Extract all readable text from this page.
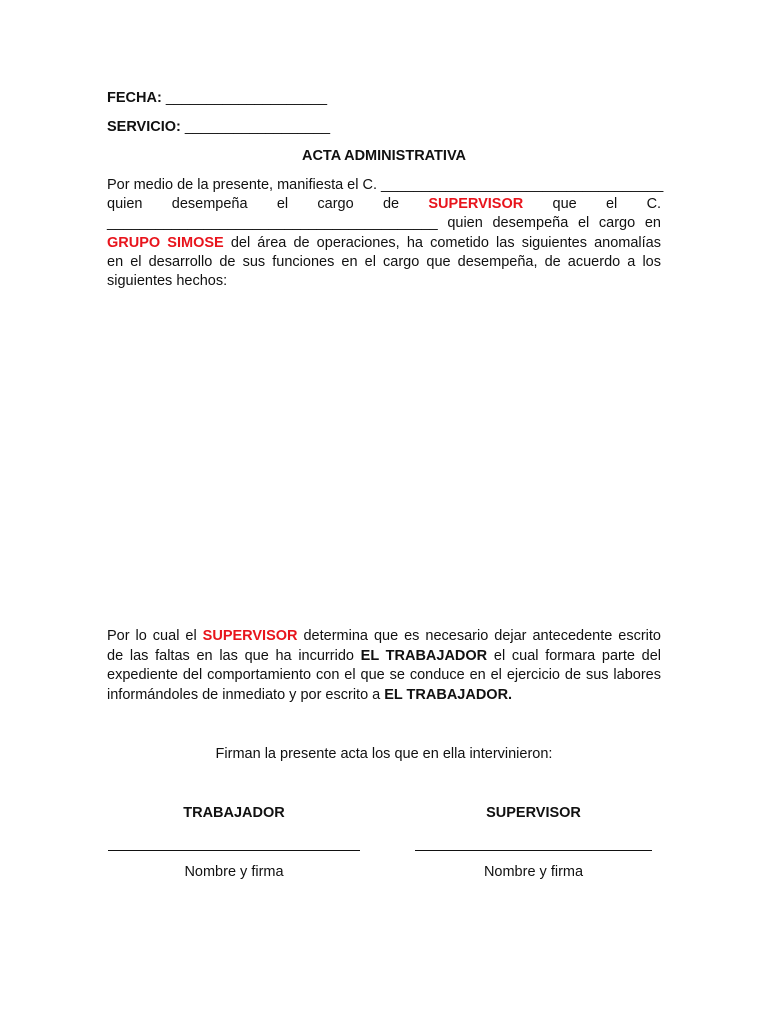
FECHA: ____________________
SERVICIO: __________________
ACTA ADMINISTRATIVA
Por medio de la presente, manifiesta el C. ___________________________________
quien desempeña el cargo de SUPERVISOR que el C.
_________________________________________ quien desempeña el cargo en
GRUPO SIMOSE del área de operaciones, ha cometido las siguientes anomalías
en el desarrollo de sus funciones en el cargo que desempeña, de acuerdo a los
siguientes hechos:
Por lo cual el SUPERVISOR determina que es necesario dejar antecedente escrito
de las faltas en las que ha incurrido EL TRABAJADOR el cual formara parte del
expediente del comportamiento con el que se conduce en el ejercicio de sus labores
informándoles de inmediato y por escrito a EL TRABAJADOR.
Firman la presente acta los que en ella intervinieron:
TRABAJADOR	SUPERVISOR
Nombre y firma	Nombre y firma
